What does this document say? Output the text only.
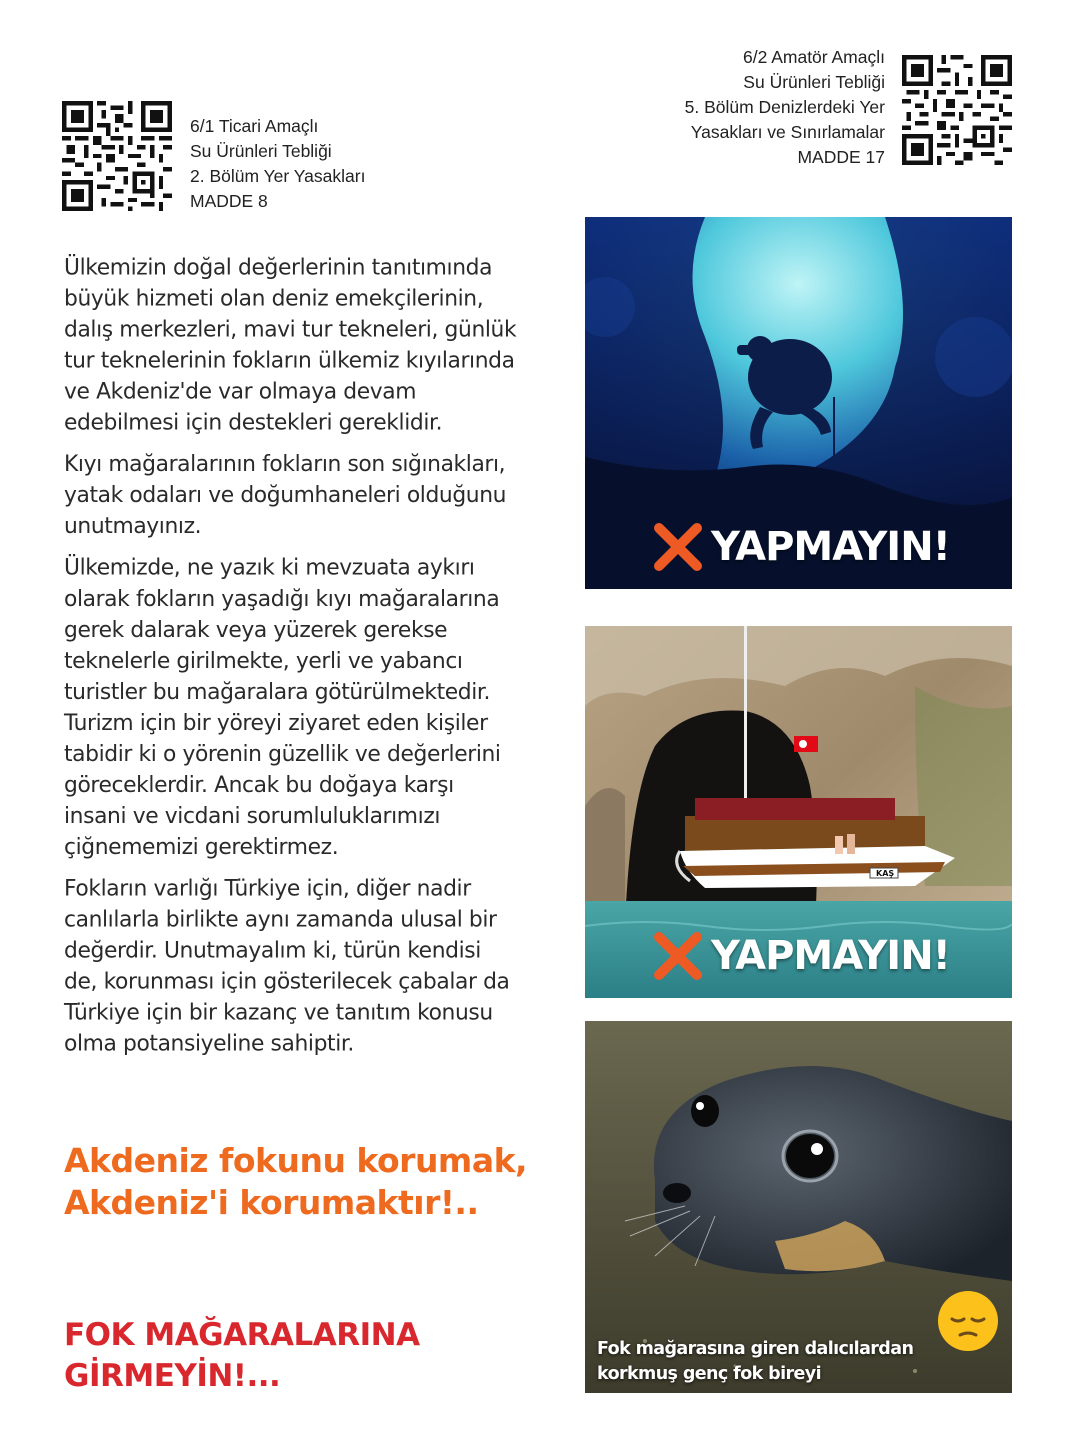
6/1 Ticari Amaçlı
Su Ürünleri Tebliği
2. Bölüm Yer Yasakları
MADDE 8
6/2 Amatör Amaçlı
Su Ürünleri Tebliği
5. Bölüm Denizlerdeki Yer
Yasakları ve Sınırlamalar
MADDE 17

Ülkemizin doğal değerlerinin tanıtımında büyük hizmeti olan deniz emekçilerinin, dalış merkezleri, mavi tur tekneleri, günlük tur teknelerinin fokların ülkemiz kıyılarında ve Akdeniz'de var olmaya devam edebilmesi için destekleri gereklidir.

Kıyı mağaralarının fokların son sığınakları, yatak odaları ve doğumhaneleri olduğunu unutmayınız.

Ülkemizde, ne yazık ki mevzuata aykırı olarak fokların yaşadığı kıyı mağaralarına gerek dalarak veya yüzerek gerekse teknelerle girilmekte, yerli ve yabancı turistler bu mağaralara götürülmektedir. Turizm için bir yöreyi ziyaret eden kişiler tabidir ki o yörenin güzellik ve değerlerini göreceklerdir. Ancak bu doğaya karşı insani ve vicdani sorumluluklarımızı çiğnememizi gerektirmez.

Fokların varlığı Türkiye için, diğer nadir canlılarla birlikte aynı zamanda ulusal bir değerdir. Unutmayalım ki, türün kendisi de, korunması için gösterilecek çabalar da Türkiye için bir kazanç ve tanıtım konusu olma potansiyeline sahiptir.

Akdeniz fokunu korumak,
Akdeniz'i korumaktır!..
FOK MAĞARALARINA
GİRMEYİN!...
YAPMAYIN!
KAŞ
YAPMAYIN!
Fok mağarasına giren dalıcılardan
korkmuş genç fok bireyi
